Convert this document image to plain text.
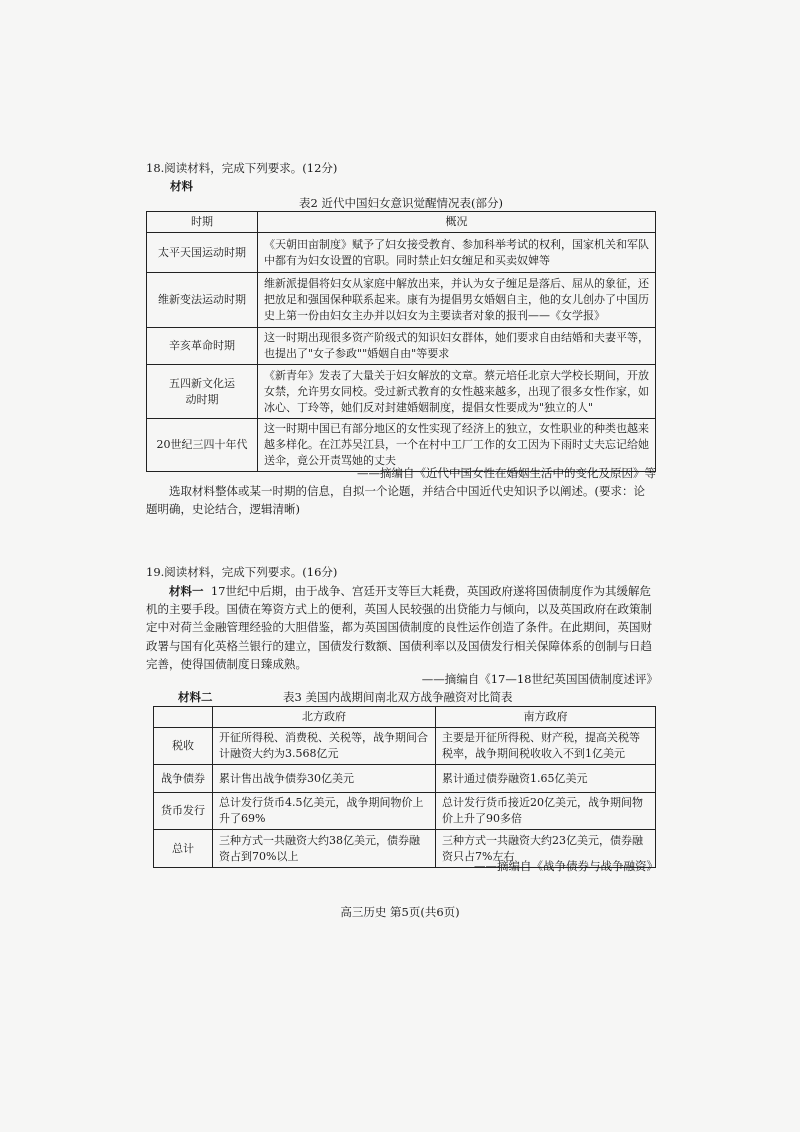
18.阅读材料，完成下列要求。(12分)
材料
表2 近代中国妇女意识觉醒情况表(部分)
时期	概况
太平天国运动时期	《天朝田亩制度》赋予了妇女接受教育、参加科举考试的权利，国家机关和军队中都有为妇女设置的官职。同时禁止妇女缠足和买卖奴婢等
维新变法运动时期	维新派提倡将妇女从家庭中解放出来，并认为女子缠足是落后、屈从的象征，还把放足和强国保种联系起来。康有为提倡男女婚姻自主，他的女儿创办了中国历史上第一份由妇女主办并以妇女为主要读者对象的报刊——《女学报》
辛亥革命时期	这一时期出现很多资产阶级式的知识妇女群体，她们要求自由结婚和夫妻平等，也提出了"女子参政""婚姻自由"等要求
五四新文化运动时期	《新青年》发表了大量关于妇女解放的文章。蔡元培任北京大学校长期间，开放女禁，允许男女同校。受过新式教育的女性越来越多，出现了很多女性作家，如冰心、丁玲等，她们反对封建婚姻制度，提倡女性要成为"独立的人"
20世纪三四十年代	这一时期中国已有部分地区的女性实现了经济上的独立，女性职业的种类也越来越多样化。在江苏吴江县，一个在村中工厂工作的女工因为下雨时丈夫忘记给她送伞，竟公开责骂她的丈夫
——摘编自《近代中国女性在婚姻生活中的变化及原因》等
选取材料整体或某一时期的信息，自拟一个论题，并结合中国近代史知识予以阐述。(要求：论题明确，史论结合，逻辑清晰)
19.阅读材料，完成下列要求。(16分)
材料一 17世纪中后期，由于战争、宫廷开支等巨大耗费，英国政府遂将国债制度作为其缓解危机的主要手段。国债在筹资方式上的便利，英国人民较强的出贷能力与倾向，以及英国政府在政策制定中对荷兰金融管理经验的大胆借鉴，都为英国国债制度的良性运作创造了条件。在此期间，英国财政署与国有化英格兰银行的建立，国债发行数额、国债利率以及国债发行相关保障体系的创制与日趋完善，使得国债制度日臻成熟。
——摘编自《17—18世纪英国国债制度述评》
材料二	表3 美国内战期间南北双方战争融资对比简表
	北方政府	南方政府
税收	开征所得税、消费税、关税等，战争期间合计融资大约为3.568亿元	主要是开征所得税、财产税，提高关税等税率，战争期间税收收入不到1亿美元
战争债券	累计售出战争债券30亿美元	累计通过债券融资1.65亿美元
货币发行	总计发行货币4.5亿美元，战争期间物价上升了69%	总计发行货币接近20亿美元，战争期间物价上升了90多倍
总计	三种方式一共融资大约38亿美元，债券融资占到70%以上	三种方式一共融资大约23亿美元，债券融资只占7%左右
——摘编自《战争债券与战争融资》
高三历史 第5页(共6页)
